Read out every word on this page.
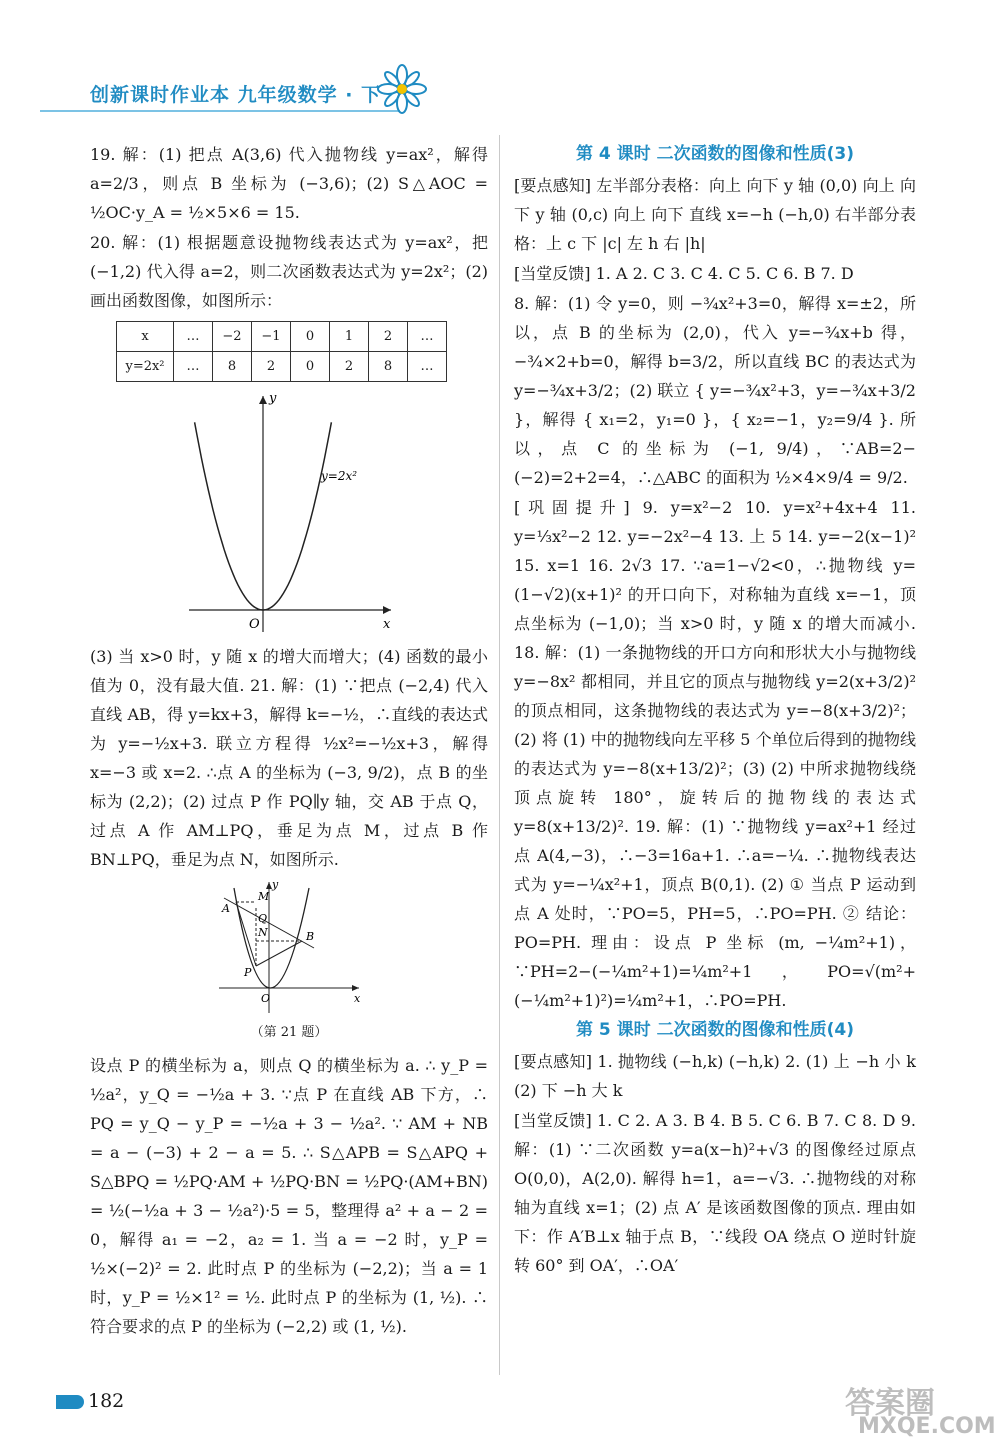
创新课时作业本 九年级数学 · 下

19. 解：(1) 把点 A(3,6) 代入抛物线 y=ax²，解得 a=2/3，则点 B 坐标为 (−3,6)；(2) S△AOC = ½OC·y_A = ½×5×6 = 15.

20. 解：(1) 根据题意设抛物线表达式为 y=ax²，把 (−1,2) 代入得 a=2，则二次函数表达式为 y=2x²；(2) 画出函数图像，如图所示：

x	…	−2	−1	0	1	2	…
y=2x²	…	8	2	0	2	8	…
y
x
O
y=2x²

(3) 当 x>0 时，y 随 x 的增大而增大；(4) 函数的最小值为 0，没有最大值. 21. 解：(1) ∵把点 (−2,4) 代入直线 AB，得 y=kx+3，解得 k=−½，∴直线的表达式为 y=−½x+3. 联立方程得 ½x²=−½x+3，解得 x=−3 或 x=2. ∴点 A 的坐标为 (−3, 9/2)，点 B 的坐标为 (2,2)；(2) 过点 P 作 PQ∥y 轴，交 AB 于点 Q，过点 A 作 AM⊥PQ，垂足为点 M，过点 B 作 BN⊥PQ，垂足为点 N，如图所示.

y
x
O
A
B
M
N
P
Q
（第 21 题）

设点 P 的横坐标为 a，则点 Q 的横坐标为 a. ∴ y_P = ½a²，y_Q = −½a + 3. ∵点 P 在直线 AB 下方，∴ PQ = y_Q − y_P = −½a + 3 − ½a². ∵ AM + NB = a − (−3) + 2 − a = 5. ∴ S△APB = S△APQ + S△BPQ = ½PQ·AM + ½PQ·BN = ½PQ·(AM+BN) = ½(−½a + 3 − ½a²)·5 = 5，整理得 a² + a − 2 = 0，解得 a₁ = −2，a₂ = 1. 当 a = −2 时，y_P = ½×(−2)² = 2. 此时点 P 的坐标为 (−2,2)；当 a = 1 时，y_P = ½×1² = ½. 此时点 P 的坐标为 (1, ½). ∴符合要求的点 P 的坐标为 (−2,2) 或 (1, ½).

第 4 课时 二次函数的图像和性质(3)

[要点感知] 左半部分表格：向上 向下 y 轴 (0,0) 向上 向下 y 轴 (0,c) 向上 向下 直线 x=−h (−h,0) 右半部分表格：上 c 下 |c| 左 h 右 |h|

[当堂反馈] 1. A 2. C 3. C 4. C 5. C 6. B 7. D

8. 解：(1) 令 y=0，则 −¾x²+3=0，解得 x=±2，所以，点 B 的坐标为 (2,0)，代入 y=−¾x+b 得，−¾×2+b=0，解得 b=3/2，所以直线 BC 的表达式为 y=−¾x+3/2；(2) 联立 { y=−¾x²+3，y=−¾x+3/2 }，解得 { x₁=2，y₁=0 }，{ x₂=−1，y₂=9/4 }. 所以，点 C 的坐标为 (−1, 9/4)，∵AB=2−(−2)=2+2=4，∴△ABC 的面积为 ½×4×9/4 = 9/2.

[巩固提升] 9. y=x²−2 10. y=x²+4x+4 11. y=⅓x²−2 12. y=−2x²−4 13. 上 5 14. y=−2(x−1)² 15. x=1 16. 2√3 17. ∵a=1−√2<0，∴抛物线 y=(1−√2)(x+1)² 的开口向下，对称轴为直线 x=−1，顶点坐标为 (−1,0)；当 x>0 时，y 随 x 的增大而减小. 18. 解：(1) 一条抛物线的开口方向和形状大小与抛物线 y=−8x² 都相同，并且它的顶点与抛物线 y=2(x+3/2)² 的顶点相同，这条抛物线的表达式为 y=−8(x+3/2)²；(2) 将 (1) 中的抛物线向左平移 5 个单位后得到的抛物线的表达式为 y=−8(x+13/2)²；(3) (2) 中所求抛物线绕顶点旋转 180°，旋转后的抛物线的表达式 y=8(x+13/2)². 19. 解：(1) ∵抛物线 y=ax²+1 经过点 A(4,−3)，∴−3=16a+1. ∴a=−¼. ∴抛物线表达式为 y=−¼x²+1，顶点 B(0,1). (2) ① 当点 P 运动到点 A 处时，∵PO=5，PH=5，∴PO=PH. ② 结论：PO=PH. 理由：设点 P 坐标 (m, −¼m²+1)，∵PH=2−(−¼m²+1)=¼m²+1，PO=√(m²+(−¼m²+1)²)=¼m²+1，∴PO=PH.

第 5 课时 二次函数的图像和性质(4)

[要点感知] 1. 抛物线 (−h,k) (−h,k) 2. (1) 上 −h 小 k (2) 下 −h 大 k

[当堂反馈] 1. C 2. A 3. B 4. B 5. C 6. B 7. C 8. D 9. 解：(1) ∵二次函数 y=a(x−h)²+√3 的图像经过原点 O(0,0)，A(2,0). 解得 h=1，a=−√3. ∴抛物线的对称轴为直线 x=1；(2) 点 A′ 是该函数图像的顶点. 理由如下：作 A′B⊥x 轴于点 B，∵线段 OA 绕点 O 逆时针旋转 60° 到 OA′，∴OA′

182	答案圈
MXQE.COM
